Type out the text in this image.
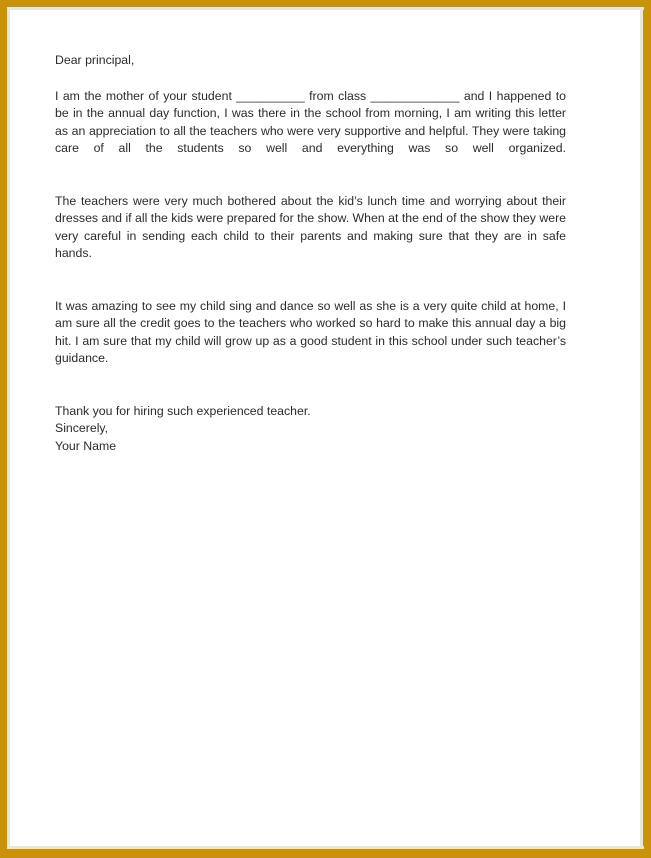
Dear principal,

I am the mother of your student __________ from class _____________ and I happened to be in the annual day function, I was there in the school from morning, I am writing this letter as an appreciation to all the teachers who were very supportive and helpful. They were taking care of all the students so well and everything was so well organized.

The teachers were very much bothered about the kid’s lunch time and worrying about their dresses and if all the kids were prepared for the show. When at the end of the show they were very careful in sending each child to their parents and making sure that they are in safe hands.

It was amazing to see my child sing and dance so well as she is a very quite child at home, I am sure all the credit goes to the teachers who worked so hard to make this annual day a big hit. I am sure that my child will grow up as a good student in this school under such teacher’s guidance.

Thank you for hiring such experienced teacher.
Sincerely,
Your Name
